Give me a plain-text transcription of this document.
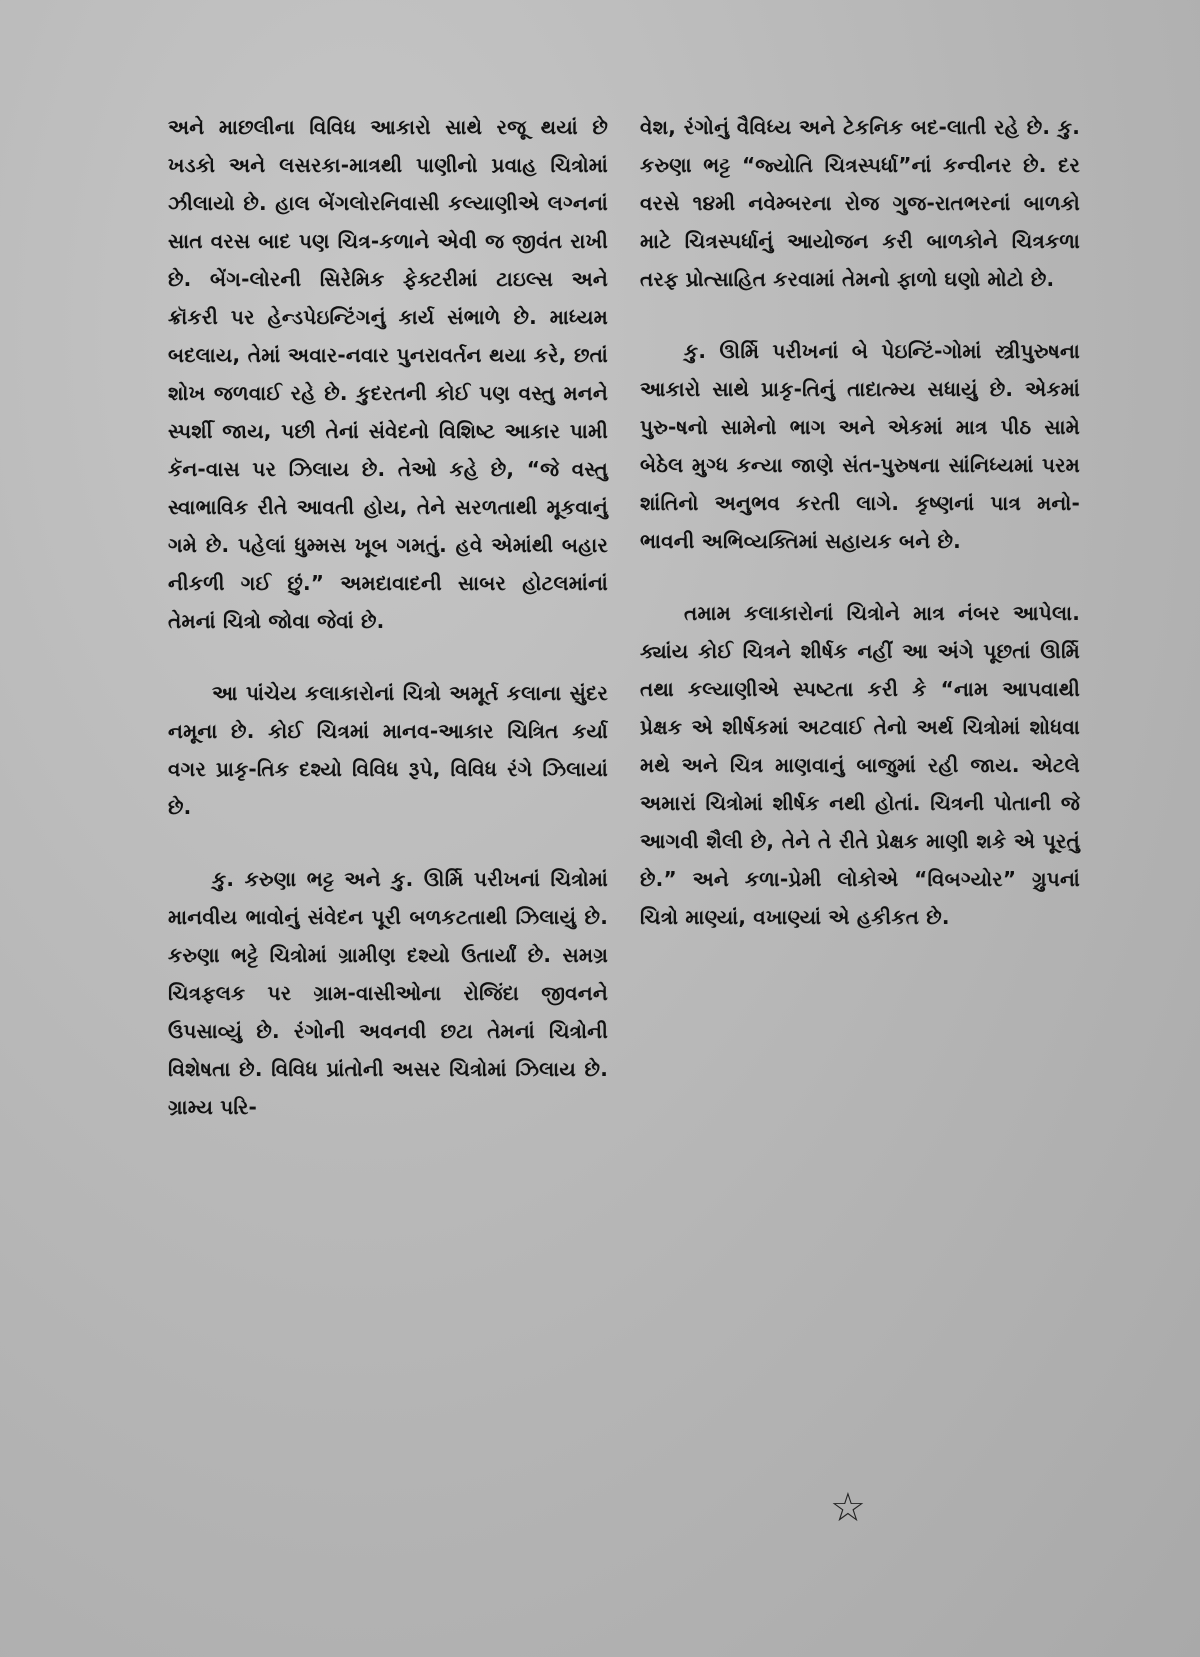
અને માછલીના વિવિધ આકારો સાથે રજૂ થયાં છે ખડકો અને લસરકા-માત્રથી પાણીનો પ્રવાહ ચિત્રોમાં ઝીલાયો છે. હાલ બેંગલોરનિવાસી કલ્યાણીએ લગ્નનાં સાત વરસ બાદ પણ ચિત્ર-કળાને એવી જ જીવંત રાખી છે. બેંગ-લોરની સિરેમિક ફેક્ટરીમાં ટાઇલ્સ અને ક્રૉકરી પર હેન્ડપેઇન્ટિંગનું કાર્ય સંભાળે છે. માધ્યમ બદલાય, તેમાં અવાર-નવાર પુનરાવર્તન થયા કરે, છતાં શોખ જળવાઈ રહે છે. કુદરતની કોઈ પણ વસ્તુ મનને સ્પર્શી જાય, પછી તેનાં સંવેદનો વિશિષ્ટ આકાર પામી કૅન-વાસ પર ઝિલાય છે. તેઓ કહે છે, “જે વસ્તુ સ્વાભાવિક રીતે આવતી હોય, તેને સરળતાથી મૂકવાનું ગમે છે. પહેલાં ધુમ્મસ ખૂબ ગમતું. હવે એમાંથી બહાર નીકળી ગઈ છું.” અમદાવાદની સાબર હોટલમાંનાં તેમનાં ચિત્રો જોવા જેવાં છે.

આ પાંચેય કલાકારોનાં ચિત્રો અમૂર્ત કલાના સુંદર નમૂના છે. કોઈ ચિત્રમાં માનવ-આકાર ચિત્રિત કર્યા વગર પ્રાકૃ-તિક દશ્યો વિવિધ રૂપે, વિવિધ રંગે ઝિલાયાં છે.

કુ. કરુણા ભટ્ટ અને કુ. ઊર્મિ પરીખનાં ચિત્રોમાં માનવીય ભાવોનું સંવેદન પૂરી બળકટતાથી ઝિલાયું છે. કરુણા ભટ્ટે ચિત્રોમાં ગ્રામીણ દશ્યો ઉતાર્યાં છે. સમગ્ર ચિત્રફલક પર ગ્રામ-વાસીઓના રોજિંદા જીવનને ઉપસાવ્યું છે. રંગોની અવનવી છટા તેમનાં ચિત્રોની વિશેષતા છે. વિવિધ પ્રાંતોની અસર ચિત્રોમાં ઝિલાય છે. ગ્રામ્ય પરિ-

વેશ, રંગોનું વૈવિધ્ય અને ટેકનિક બદ-લાતી રહે છે. કુ. કરુણા ભટ્ટ “જ્યોતિ ચિત્રસ્પર્ધા”નાં કન્વીનર છે. દર વરસે ૧૪મી નવેમ્બરના રોજ ગુજ-રાતભરનાં બાળકો માટે ચિત્રસ્પર્ધાનું આયોજન કરી બાળકોને ચિત્રકળા તરફ પ્રોત્સાહિત કરવામાં તેમનો ફાળો ઘણો મોટો છે.

કુ. ઊર્મિ પરીખનાં બે પેઇન્ટિં-ગોમાં સ્ત્રીપુરુષના આકારો સાથે પ્રાકૃ-તિનું તાદાત્મ્ય સધાયું છે. એકમાં પુરુ-ષનો સામેનો ભાગ અને એકમાં માત્ર પીઠ સામે બેઠેલ મુગ્ધ કન્યા જાણે સંત-પુરુષના સાંનિધ્યમાં પરમ શાંતિનો અનુભવ કરતી લાગે. કૃષ્ણનાં પાત્ર મનો-ભાવની અભિવ્યક્તિમાં સહાયક બને છે.

તમામ કલાકારોનાં ચિત્રોને માત્ર નંબર આપેલા. ક્યાંય કોઈ ચિત્રને શીર્ષક નહીં આ અંગે પૂછતાં ઊર્મિ તથા કલ્યાણીએ સ્પષ્ટતા કરી કે “નામ આપવાથી પ્રેક્ષક એ શીર્ષકમાં અટવાઈ તેનો અર્થ ચિત્રોમાં શોધવા મથે અને ચિત્ર માણવાનું બાજુમાં રહી જાય. એટલે અમારાં ચિત્રોમાં શીર્ષક નથી હોતાં. ચિત્રની પોતાની જે આગવી શૈલી છે, તેને તે રીતે પ્રેક્ષક માણી શકે એ પૂરતું છે.” અને કળા-પ્રેમી લોકોએ “વિબગ્યોર” ગ્રુપનાં ચિત્રો માણ્યાં, વખાણ્યાં એ હકીકત છે.

☆
